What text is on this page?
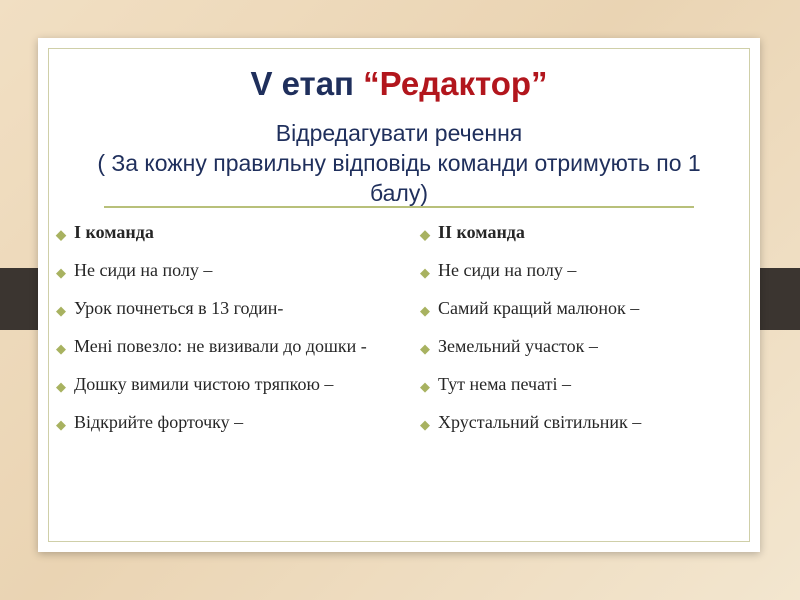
V етап “Редактор”
Відредагувати речення
( За кожну правильну відповідь команди отримують по 1 балу)
◆ І команда
◆ Не сиди на полу –
◆ Урок почнеться в 13 годин-
◆ Мені повезло: не визивали до дошки -
◆ Дошку вимили чистою тряпкою –
◆ Відкрийте форточку –
◆ ІІ команда
◆ Не сиди на полу –
◆ Самий кращий малюнок –
◆ Земельний участок –
◆ Тут нема печаті –
◆ Хрустальний світильник –
